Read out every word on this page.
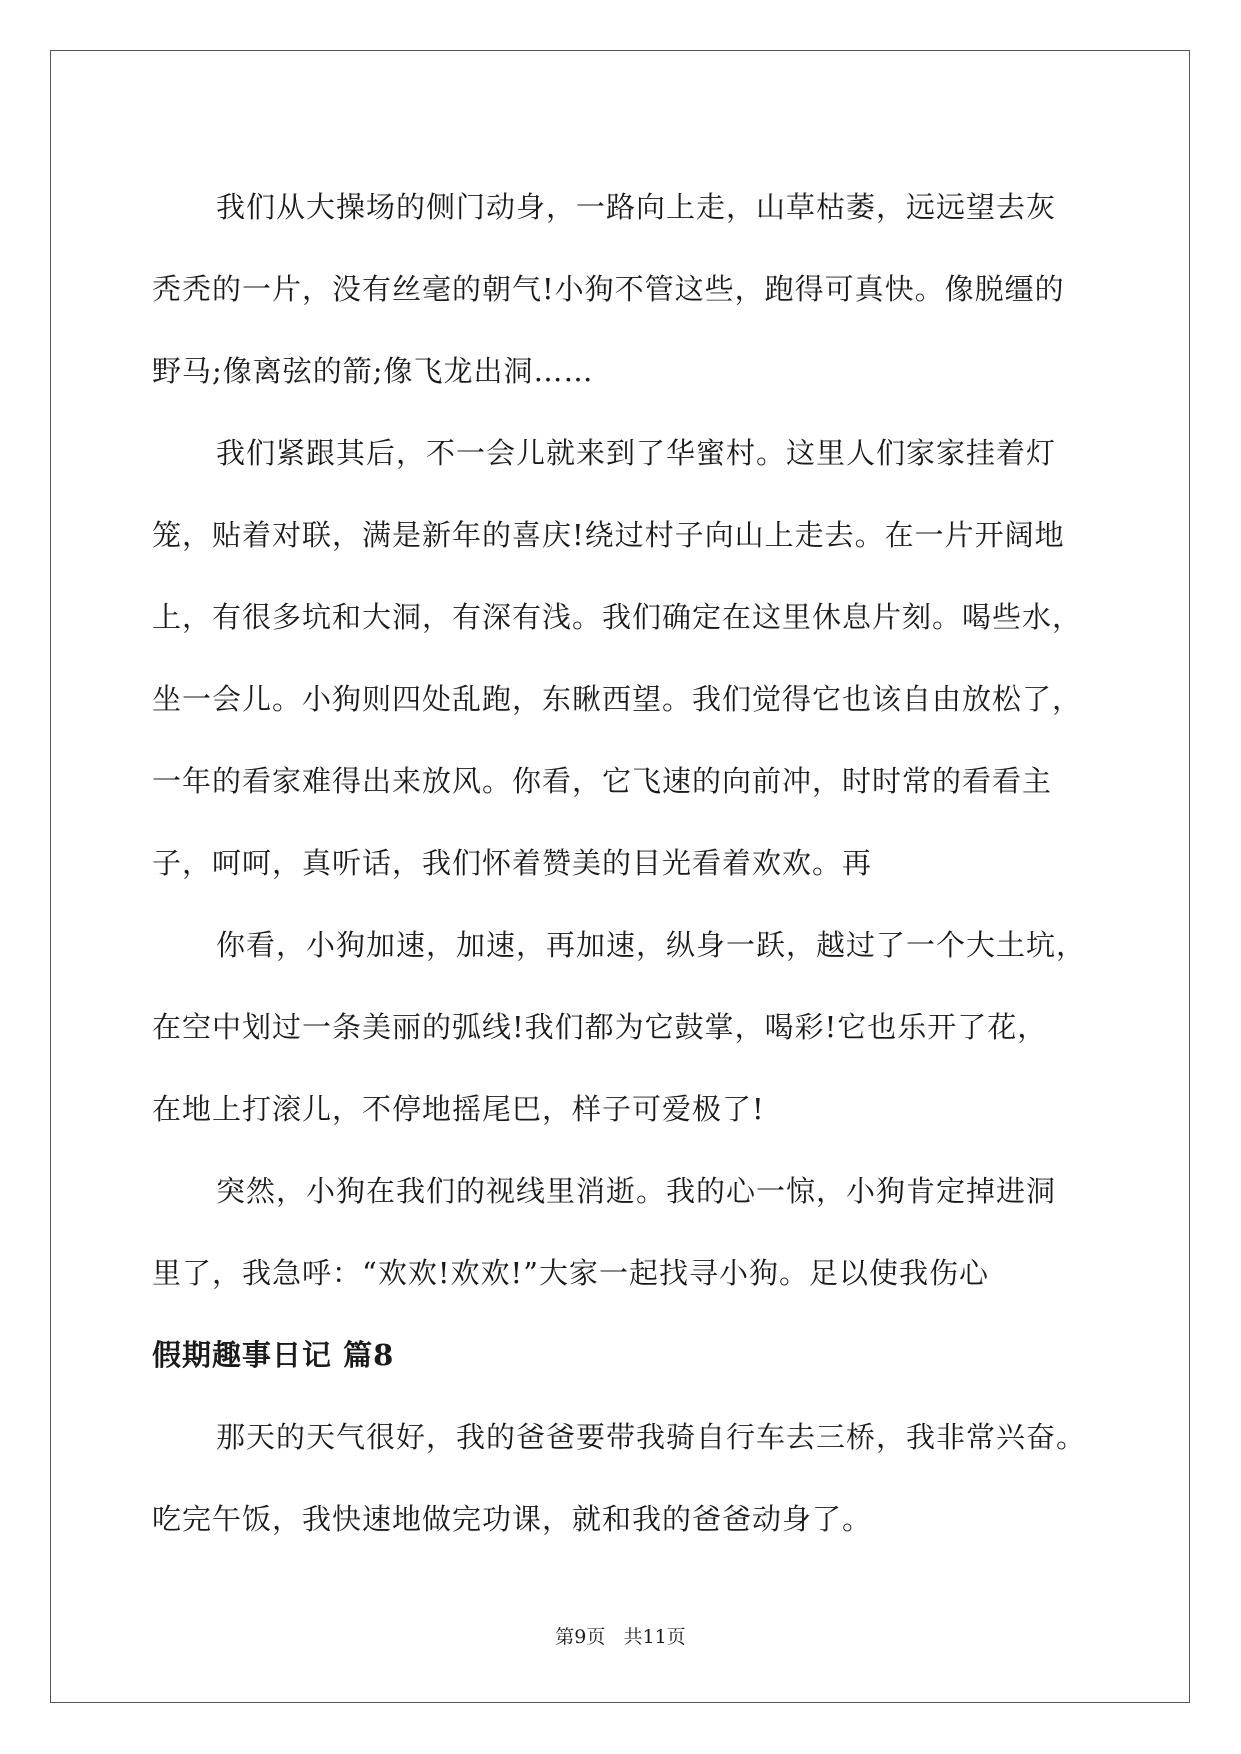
我们从大操场的侧门动身，一路向上走，山草枯萎，远远望去灰
秃秃的一片，没有丝毫的朝气!小狗不管这些，跑得可真快。像脱缰的
野马;像离弦的箭;像飞龙出洞……

我们紧跟其后，不一会儿就来到了华蜜村。这里人们家家挂着灯
笼，贴着对联，满是新年的喜庆!绕过村子向山上走去。在一片开阔地
上，有很多坑和大洞，有深有浅。我们确定在这里休息片刻。喝些水，
坐一会儿。小狗则四处乱跑，东瞅西望。我们觉得它也该自由放松了，
一年的看家难得出来放风。你看，它飞速的向前冲，时时常的看看主
子，呵呵，真听话，我们怀着赞美的目光看着欢欢。再

你看，小狗加速，加速，再加速，纵身一跃，越过了一个大土坑，
在空中划过一条美丽的弧线!我们都为它鼓掌，喝彩!它也乐开了花，
在地上打滚儿，不停地摇尾巴，样子可爱极了!

突然，小狗在我们的视线里消逝。我的心一惊，小狗肯定掉进洞
里了，我急呼：“欢欢!欢欢!”大家一起找寻小狗。足以使我伤心

假期趣事日记 篇8

那天的天气很好，我的爸爸要带我骑自行车去三桥，我非常兴奋。
吃完午饭，我快速地做完功课，就和我的爸爸动身了。

第9页   共11页
